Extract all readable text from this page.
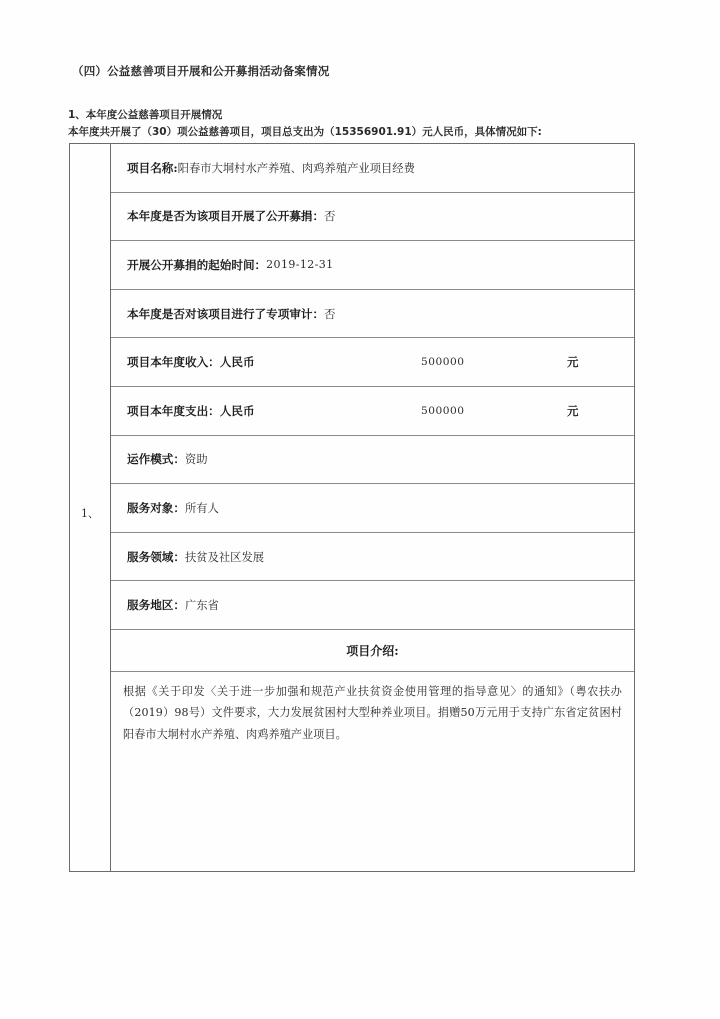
（四）公益慈善项目开展和公开募捐活动备案情况
1、本年度公益慈善项目开展情况
本年度共开展了（30）项公益慈善项目，项目总支出为（15356901.91）元人民币，具体情况如下:
1、
项目名称: 阳春市大垌村水产养殖、肉鸡养殖产业项目经费
本年度是否为该项目开展了公开募捐： 否
开展公开募捐的起始时间： 2019-12-31
本年度是否对该项目进行了专项审计： 否
项目本年度收入：人民币	500000	元
项目本年度支出：人民币	500000	元
运作模式： 资助
服务对象： 所有人
服务领域： 扶贫及社区发展
服务地区： 广东省
项目介绍:
根据《关于印发〈关于进一步加强和规范产业扶贫资金使用管理的指导意见〉的通知》（粤农扶办（2019）98号）文件要求，大力发展贫困村大型种养业项目。捐赠50万元用于支持广东省定贫困村阳春市大垌村水产养殖、肉鸡养殖产业项目。
